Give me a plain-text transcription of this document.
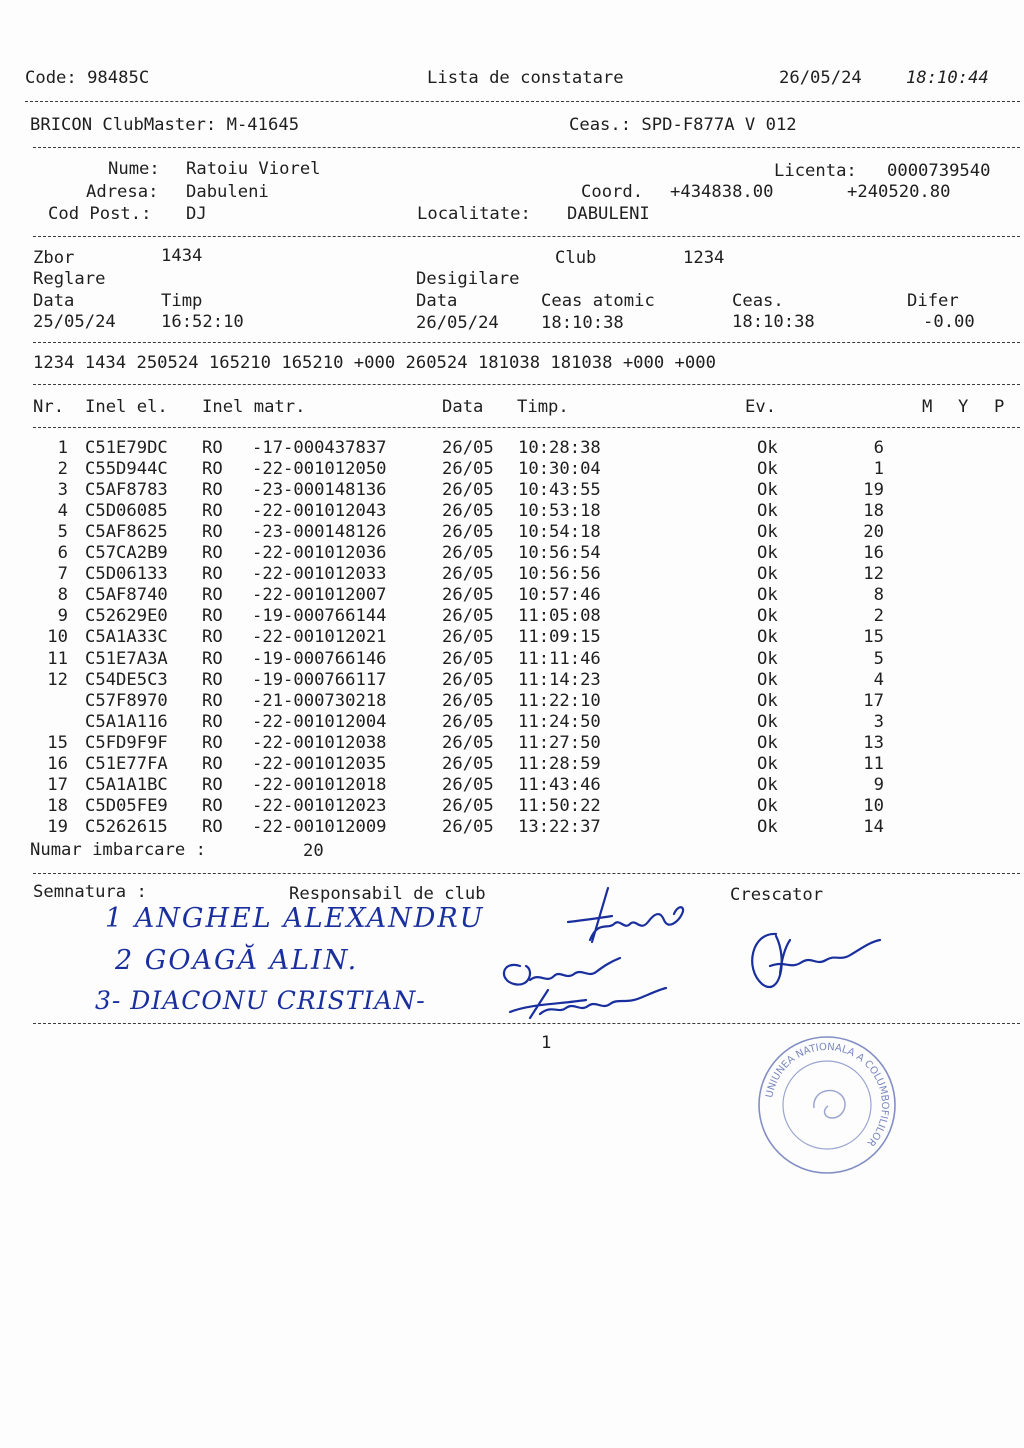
Code: 98485C	Lista de constatare	26/05/24	18:10:44
BRICON ClubMaster: M-41645	Ceas.: SPD-F877A V 012
Nume: Ratoiu Viorel	Licenta: 0000739540
Adresa: Dabuleni	Coord. +434838.00	+240520.80
Cod Post.: DJ	Localitate: DABULENI
Zbor	1434	Club	1234
Reglare	Desigilare
Data	Timp	Data	Ceas atomic	Ceas.	Difer
25/05/24	16:52:10	26/05/24 18:10:38	18:10:38	-0.00
1234 1434 250524 165210 165210 +000 260524 181038 181038 +000 +000
Nr. Inel el. Inel matr.	Data Timp.	Ev.	M Y P
1 C51E79DC RO -17-000437837	26/05 10:28:38	Ok	6
2 C55D944C RO -22-001012050	26/05 10:30:04	Ok	1
3 C5AF8783 RO -23-000148136	26/05 10:43:55	Ok	19
4 C5D06085 RO -22-001012043	26/05 10:53:18	Ok	18
5 C5AF8625 RO -23-000148126	26/05 10:54:18	Ok	20
6 C57CA2B9 RO -22-001012036	26/05 10:56:54	Ok	16
7 C5D06133 RO -22-001012033	26/05 10:56:56	Ok	12
8 C5AF8740 RO -22-001012007	26/05 10:57:46	Ok	8
9 C52629E0 RO -19-000766144	26/05 11:05:08	Ok	2
10 C5A1A33C RO -22-001012021	26/05 11:09:15	Ok	15
11 C51E7A3A RO -19-000766146	26/05 11:11:46	Ok	5
12 C54DE5C3 RO -19-000766117	26/05 11:14:23	Ok	4
C57F8970 RO -21-000730218	26/05 11:22:10	Ok	17
C5A1A116 RO -22-001012004	26/05 11:24:50	Ok	3
15 C5FD9F9F RO -22-001012038	26/05 11:27:50	Ok	13
16 C51E77FA RO -22-001012035	26/05 11:28:59	Ok	11
17 C5A1A1BC RO -22-001012018	26/05 11:43:46	Ok	9
18 C5D05FE9 RO -22-001012023	26/05 11:50:22	Ok	10
19 C5262615 RO -22-001012009	26/05 13:22:37	Ok	14
Numar imbarcare :	20
Semnatura :	Responsabil de club	Crescator
1 ANGHEL ALEXANDRU
2 GOAGĂ ALIN.
3- DIACONU CRISTIAN-
1
UNIUNEA NATIONALA A COLUMBOFILILOR
